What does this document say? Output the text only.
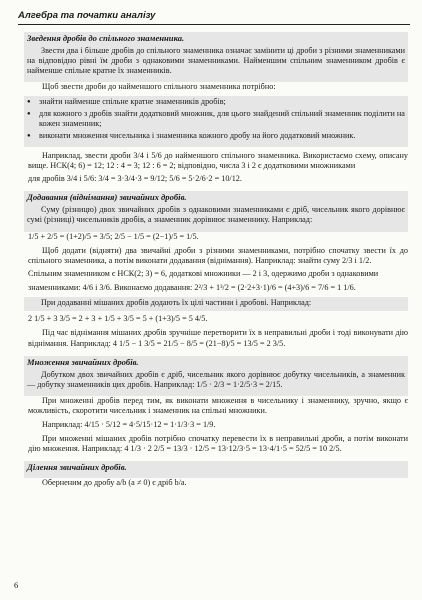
Алгебра та початки аналізу
Зведення дробів до спільного знаменника.

Звести два і більше дробів до спільного знаменника означає замінити ці дроби з різними знаменниками на відповідно рівні їм дроби з однаковими знаменниками. Найменшим спільним знаменником дробів є найменше спільне кратне їх знаменників.

Щоб звести дроби до найменшого спільного знаменника потрібно:

● знайти найменше спільне кратне знаменників дробів;
● для кожного з дробів знайти додатковий множник, для цього знайдений спільний знаменник поділити на кожен знаменник;
● виконати множення чисельника і знаменника кожного дробу на його додатковий множник.

Наприклад, звести дроби 3/4 і 5/6 до найменшого спільного знаменника. Використаємо схему, описану вище. НСК(4; 6) = 12; 12 : 4 = 3; 12 : 6 = 2; відповідно, числа 3 і 2 є додатковими множниками

для дробів 3/4 і 5/6: 3/4 = 3·3/4·3 = 9/12; 5/6 = 5·2/6·2 = 10/12.

Додавання (віднімання) звичайних дробів.

Суму (різницю) двох звичайних дробів з однаковими знаменниками є дріб, чисельник якого дорівнює сумі (різниці) чисельників дробів, а знаменник дорівнює знаменнику. Наприклад:

1/5 + 2/5 = (1+2)/5 = 3/5; 2/5 − 1/5 = (2−1)/5 = 1/5.

Щоб додати (відняти) два звичайні дроби з різними знаменниками, потрібно спочатку звести їх до спільного знаменника, а потім виконати додавання (віднімання). Наприклад: знайти суму 2/3 і 1/2.

Спільним знаменником є НСК(2; 3) = 6, додаткові множники — 2 і 3, одержимо дроби з однаковими

знаменниками: 4/6 і 3/6. Виконаємо додавання: 2²/3 + 1³/2 = (2·2+3·1)/6 = (4+3)/6 = 7/6 = 1 1/6.

При додаванні мішаних дробів додають їх цілі частини і дробові. Наприклад:

2 1/5 + 3 3/5 = 2 + 3 + 1/5 + 3/5 = 5 + (1+3)/5 = 5 4/5.

Під час віднімання мішаних дробів зручніше перетворити їх в неправильні дроби і тоді виконувати дію віднімання. Наприклад: 4 1/5 − 1 3/5 = 21/5 − 8/5 = (21−8)/5 = 13/5 = 2 3/5.

Множення звичайних дробів.

Добутком двох звичайних дробів є дріб, чисельник якого дорівнює добутку чисельників, а знаменник — добутку знаменників цих дробів. Наприклад: 1/5 · 2/3 = 1·2/5·3 = 2/15.

При множенні дробів перед тим, як виконати множення в чисельнику і знаменнику, зручно, якщо є можливість, скоротити чисельник і знаменник на спільні множники.

Наприклад: 4/15 · 5/12 = 4·5/15·12 = 1·1/3·3 = 1/9.

При множенні мішаних дробів потрібно спочатку перевести їх в неправильні дроби, а потім виконати дію множення. Наприклад: 4 1/3 · 2 2/5 = 13/3 · 12/5 = 13·12/3·5 = 13·4/1·5 = 52/5 = 10 2/5.

Ділення звичайних дробів.

Оберненим до дробу a/b (a ≠ 0) є дріб b/a.

6
